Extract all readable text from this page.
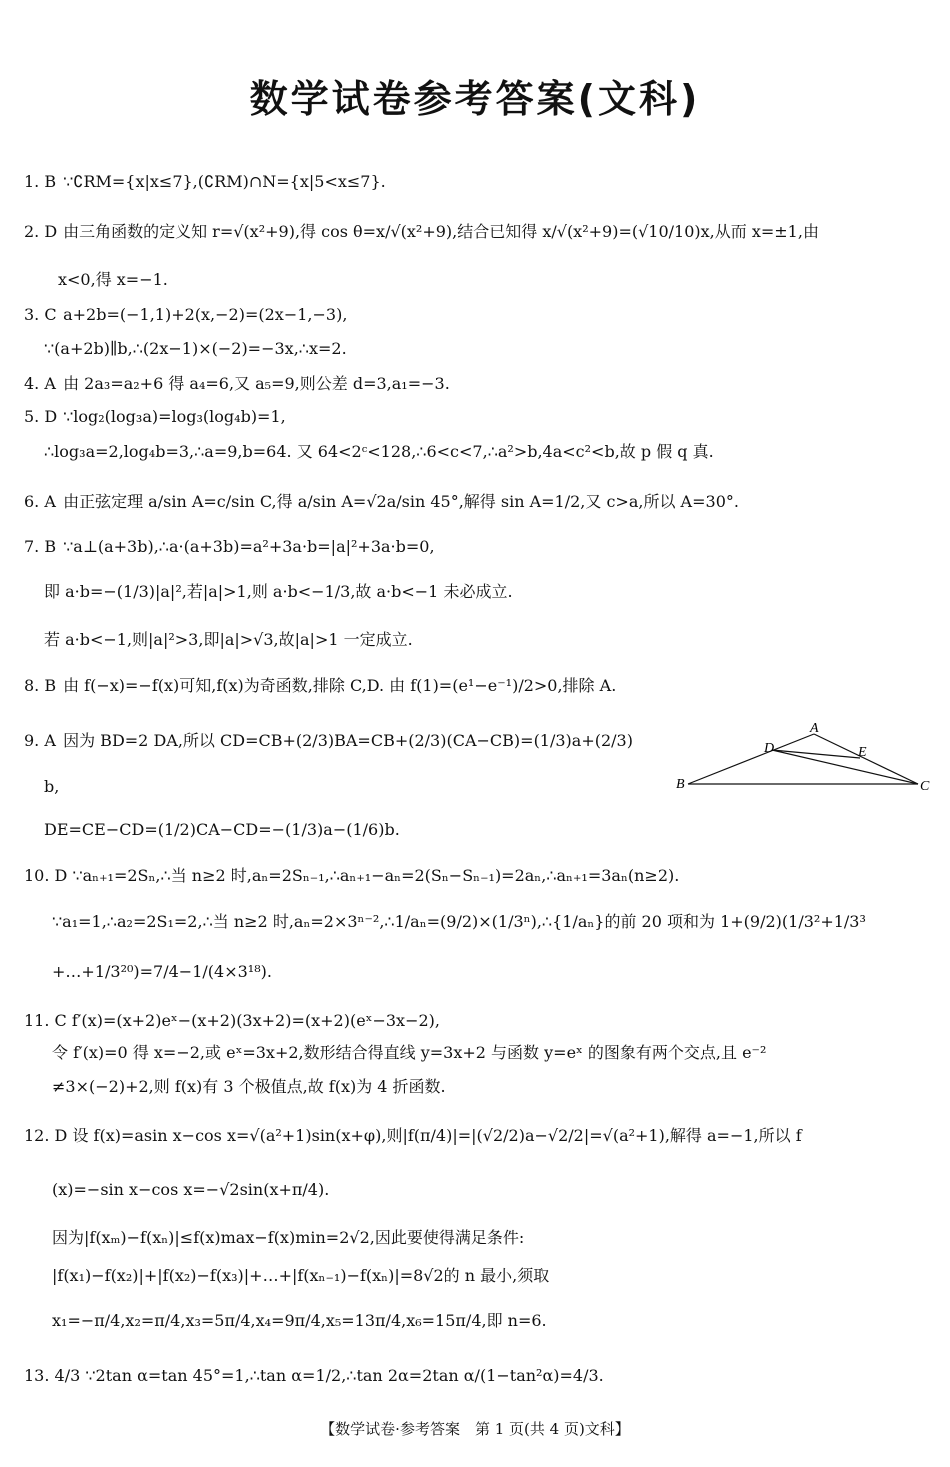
数学试卷参考答案(文科)
1. B ∵∁RM={x|x≤7},(∁RM)∩N={x|5<x≤7}.
2. D 由三角函数的定义知 r=√(x²+9),得 cos θ=x/√(x²+9),结合已知得 x/√(x²+9)=(√10/10)x,从而 x=±1,由
x<0,得 x=−1.
3. C a+2b=(−1,1)+2(x,−2)=(2x−1,−3),
∵(a+2b)∥b,∴(2x−1)×(−2)=−3x,∴x=2.
4. A 由 2a₃=a₂+6 得 a₄=6,又 a₅=9,则公差 d=3,a₁=−3.
5. D ∵log₂(log₃a)=log₃(log₄b)=1,
∴log₃a=2,log₄b=3,∴a=9,b=64. 又 64<2ᶜ<128,∴6<c<7,∴a²>b,4a<c²<b,故 p 假 q 真.
6. A 由正弦定理 a/sin A=c/sin C,得 a/sin A=√2a/sin 45°,解得 sin A=1/2,又 c>a,所以 A=30°.
7. B ∵a⊥(a+3b),∴a·(a+3b)=a²+3a·b=|a|²+3a·b=0,
即 a·b=−(1/3)|a|²,若|a|>1,则 a·b<−1/3,故 a·b<−1 未必成立.
若 a·b<−1,则|a|²>3,即|a|>√3,故|a|>1 一定成立.
8. B 由 f(−x)=−f(x)可知,f(x)为奇函数,排除 C,D. 由 f(1)=(e¹−e⁻¹)/2>0,排除 A.
9. A 因为 BD=2 DA,所以 CD=CB+(2/3)BA=CB+(2/3)(CA−CB)=(1/3)a+(2/3)
b,
DE=CE−CD=(1/2)CA−CD=−(1/3)a−(1/6)b.
10. D ∵aₙ₊₁=2Sₙ,∴当 n≥2 时,aₙ=2Sₙ₋₁,∴aₙ₊₁−aₙ=2(Sₙ−Sₙ₋₁)=2aₙ,∴aₙ₊₁=3aₙ(n≥2).
∵a₁=1,∴a₂=2S₁=2,∴当 n≥2 时,aₙ=2×3ⁿ⁻²,∴1/aₙ=(9/2)×(1/3ⁿ),∴{1/aₙ}的前 20 项和为 1+(9/2)(1/3²+1/3³
+…+1/3²⁰)=7/4−1/(4×3¹⁸).
11. C f′(x)=(x+2)eˣ−(x+2)(3x+2)=(x+2)(eˣ−3x−2),
令 f′(x)=0 得 x=−2,或 eˣ=3x+2,数形结合得直线 y=3x+2 与函数 y=eˣ 的图象有两个交点,且 e⁻²
≠3×(−2)+2,则 f(x)有 3 个极值点,故 f(x)为 4 折函数.
12. D 设 f(x)=asin x−cos x=√(a²+1)sin(x+φ),则|f(π/4)|=|(√2/2)a−√2/2|=√(a²+1),解得 a=−1,所以 f
(x)=−sin x−cos x=−√2sin(x+π/4).
因为|f(xₘ)−f(xₙ)|≤f(x)max−f(x)min=2√2,因此要使得满足条件:
|f(x₁)−f(x₂)|+|f(x₂)−f(x₃)|+…+|f(xₙ₋₁)−f(xₙ)|=8√2的 n 最小,须取
x₁=−π/4,x₂=π/4,x₃=5π/4,x₄=9π/4,x₅=13π/4,x₆=15π/4,即 n=6.
13. 4/3 ∵2tan α=tan 45°=1,∴tan α=1/2,∴tan 2α=2tan α/(1−tan²α)=4/3.
A
B	C
D	E
【数学试卷·参考答案　第 1 页(共 4 页)文科】
